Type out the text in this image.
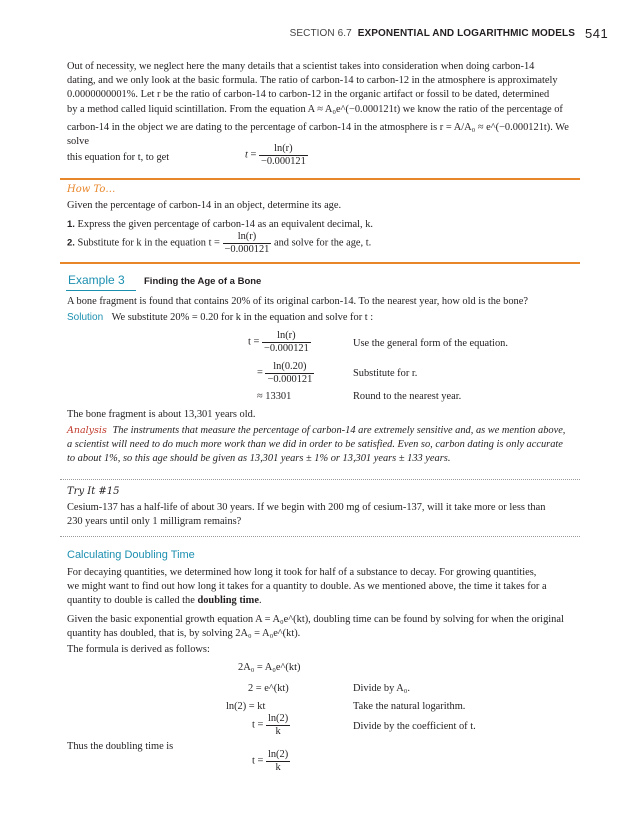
SECTION 6.7 EXPONENTIAL AND LOGARITHMIC MODELS 541
Out of necessity, we neglect here the many details that a scientist takes into consideration when doing carbon-14
dating, and we only look at the basic formula. The ratio of carbon-14 to carbon-12 in the atmosphere is approximately
0.0000000001%. Let r be the ratio of carbon-14 to carbon-12 in the organic artifact or fossil to be dated, determined
by a method called liquid scintillation. From the equation A ≈ A₀e^(−0.000121t) we know the ratio of the percentage of
carbon-14 in the object we are dating to the percentage of carbon-14 in the atmosphere is r = A/A₀ ≈ e^(−0.000121t). We solve
this equation for t, to get	$t = \frac{\ln(r)}{-0.000121}$
How To…
Given the percentage of carbon-14 in an object, determine its age.
1. Express the given percentage of carbon-14 as an equivalent decimal, k.
2. Substitute for k in the equation $t = \frac{\ln(r)}{-0.000121}$ and solve for the age, t.
Example 3 Finding the Age of a Bone
A bone fragment is found that contains 20% of its original carbon-14. To the nearest year, how old is the bone?
Solution We substitute 20% = 0.20 for k in the equation and solve for t :
$t = \frac{\ln(r)}{-0.000121}$	Use the general form of the equation.
= $\frac{\ln(0.20)}{-0.000121}$	Substitute for r.
≈ 13301	Round to the nearest year.
The bone fragment is about 13,301 years old.
Analysis The instruments that measure the percentage of carbon-14 are extremely sensitive and, as we mention above,
a scientist will need to do much more work than we did in order to be satisfied. Even so, carbon dating is only accurate
to about 1%, so this age should be given as 13,301 years ± 1% or 13,301 years ± 133 years.
Try It #15
Cesium-137 has a half-life of about 30 years. If we begin with 200 mg of cesium-137, will it take more or less than
230 years until only 1 milligram remains?
Calculating Doubling Time
For decaying quantities, we determined how long it took for half of a substance to decay. For growing quantities,
we might want to find out how long it takes for a quantity to double. As we mentioned above, the time it takes for a
quantity to double is called the doubling time.
Given the basic exponential growth equation A = A₀e^(kt), doubling time can be found by solving for when the original
quantity has doubled, that is, by solving 2A₀ = A₀e^(kt).
The formula is derived as follows:
2A₀ = A₀e^(kt)
2 = e^(kt)	Divide by A₀.
ln(2) = kt	Take the natural logarithm.
$t = \frac{\ln(2)}{k}$	Divide by the coefficient of t.
Thus the doubling time is
$t = \frac{\ln(2)}{k}$
